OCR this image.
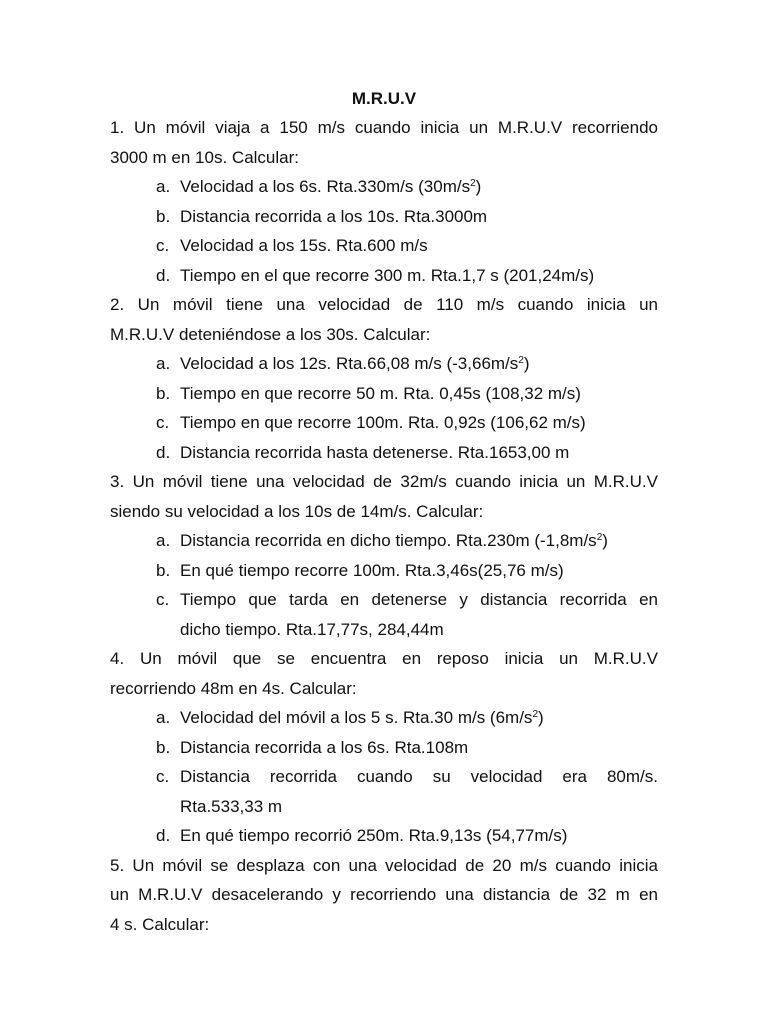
M.R.U.V
1. Un móvil viaja a 150 m/s cuando inicia un M.R.U.V recorriendo
3000 m en 10s. Calcular:
a. Velocidad a los 6s. Rta.330m/s $(30m/s^2)$
b. Distancia recorrida a los 10s. Rta.3000m
c. Velocidad a los 15s. Rta.600 m/s
d. Tiempo en el que recorre 300 m. Rta.1,7 s (201,24m/s)
2. Un móvil tiene una velocidad de 110 m/s cuando inicia un
M.R.U.V deteniéndose a los 30s. Calcular:
a. Velocidad a los 12s. Rta.66,08 m/s $(-3,66m/s^2)$
b. Tiempo en que recorre 50 m. Rta. 0,45s (108,32 m/s)
c. Tiempo en que recorre 100m. Rta. 0,92s (106,62 m/s)
d. Distancia recorrida hasta detenerse. Rta.1653,00 m
3. Un móvil tiene una velocidad de 32m/s cuando inicia un M.R.U.V
siendo su velocidad a los 10s de 14m/s. Calcular:
a. Distancia recorrida en dicho tiempo. Rta.230m $(-1,8m/s^2)$
b. En qué tiempo recorre 100m. Rta.3,46s(25,76 m/s)
c. Tiempo que tarda en detenerse y distancia recorrida en
dicho tiempo. Rta.17,77s, 284,44m
4. Un móvil que se encuentra en reposo inicia un M.R.U.V
recorriendo 48m en 4s. Calcular:
a. Velocidad del móvil a los 5 s. Rta.30 m/s $(6m/s^2)$
b. Distancia recorrida a los 6s. Rta.108m
c. Distancia recorrida cuando su velocidad era 80m/s.
Rta.533,33 m
d. En qué tiempo recorrió 250m. Rta.9,13s (54,77m/s)
5. Un móvil se desplaza con una velocidad de 20 m/s cuando inicia
un M.R.U.V desacelerando y recorriendo una distancia de 32 m en
4 s. Calcular:
